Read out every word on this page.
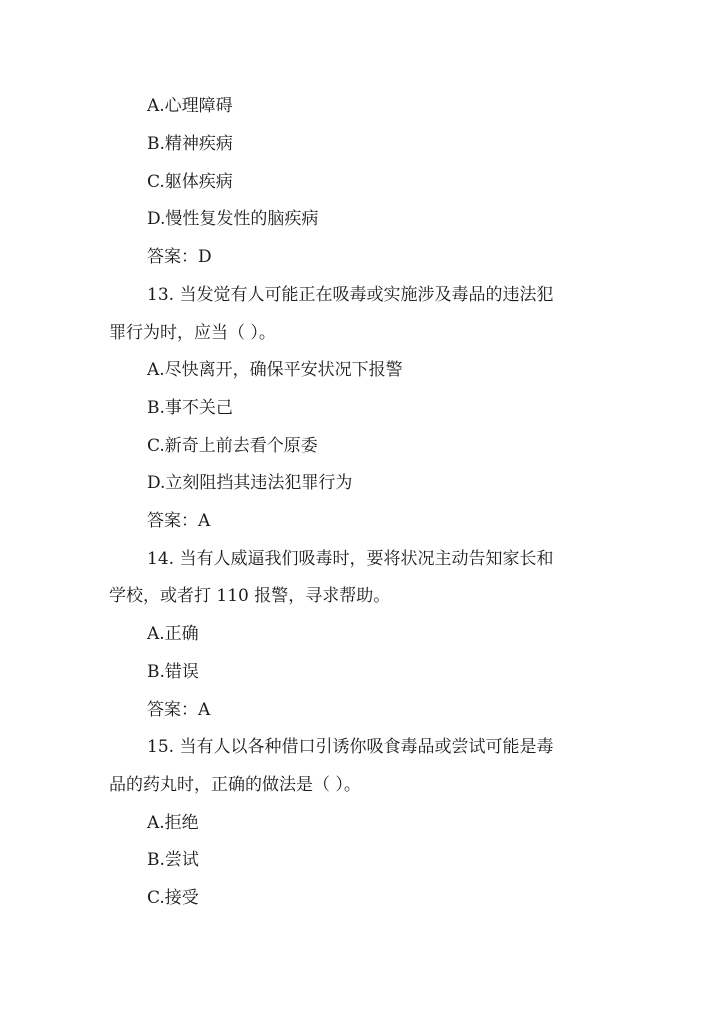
A.心理障碍
B.精神疾病
C.躯体疾病
D.慢性复发性的脑疾病
答案：D
13. 当发觉有人可能正在吸毒或实施涉及毒品的违法犯
罪行为时，应当（ ）。
A.尽快离开，确保平安状况下报警
B.事不关己
C.新奇上前去看个原委
D.立刻阻挡其违法犯罪行为
答案：A
14. 当有人威逼我们吸毒时，要将状况主动告知家长和
学校，或者打 110 报警，寻求帮助。
A.正确
B.错误
答案：A
15. 当有人以各种借口引诱你吸食毒品或尝试可能是毒
品的药丸时，正确的做法是（ ）。
A.拒绝
B.尝试
C.接受
